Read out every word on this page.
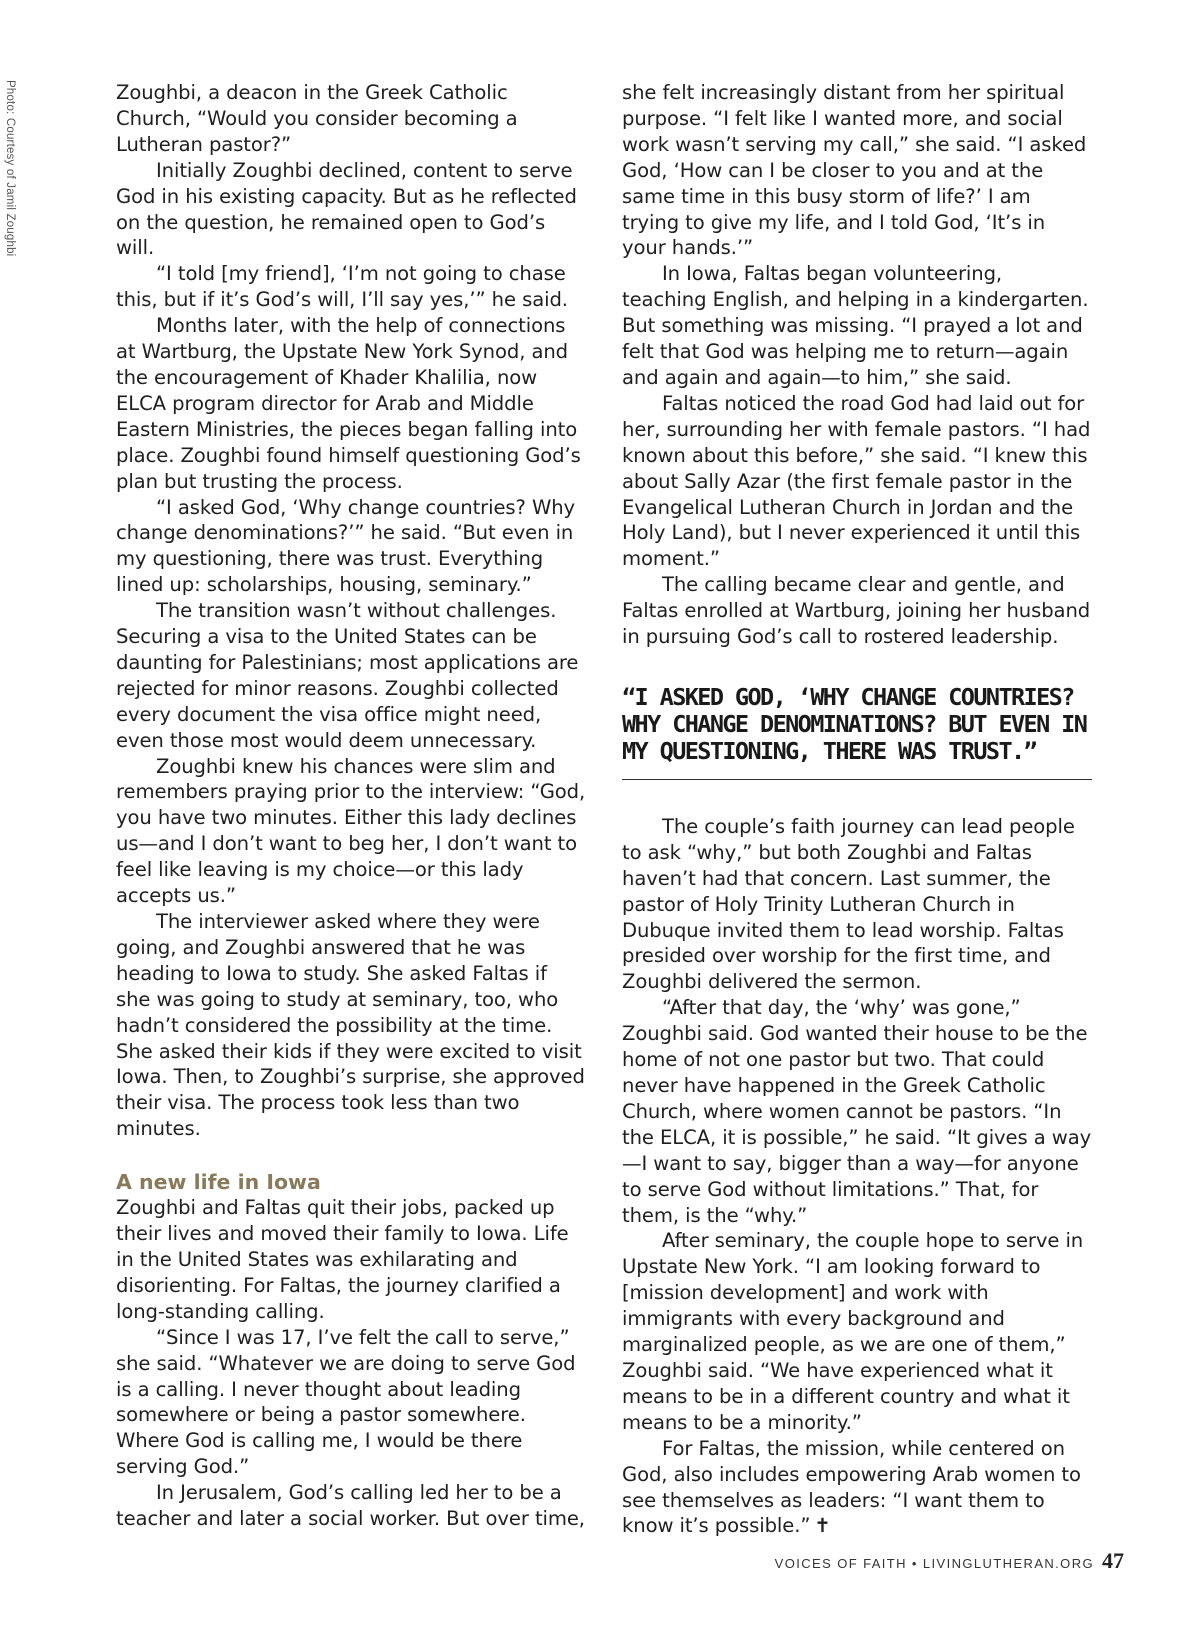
Photo: Courtesy of Jamil Zoughbi	Zoughbi, a deacon in the Greek Catholic Church, “Would you consider becoming a Lutheran pastor?”

Initially Zoughbi declined, content to serve God in his existing capacity. But as he reflected on the question, he remained open to God’s will.

“I told [my friend], ‘I’m not going to chase this, but if it’s God’s will, I’ll say yes,’” he said.

Months later, with the help of connections at Wartburg, the Upstate New York Synod, and the encouragement of Khader Khalilia, now ELCA program director for Arab and Middle Eastern Ministries, the pieces began falling into place. Zoughbi found himself questioning God’s plan but trusting the process.

“I asked God, ‘Why change countries? Why change denominations?’” he said. “But even in my questioning, there was trust. Everything lined up: scholarships, housing, seminary.”

The transition wasn’t without challenges. Securing a visa to the United States can be daunting for Palestinians; most applications are rejected for minor reasons. Zoughbi collected every document the visa office might need, even those most would deem unnecessary.

Zoughbi knew his chances were slim and remembers praying prior to the interview: “God, you have two minutes. Either this lady declines us—and I don’t want to beg her, I don’t want to feel like leaving is my choice—or this lady accepts us.”

The interviewer asked where they were going, and Zoughbi answered that he was heading to Iowa to study. She asked Faltas if she was going to study at seminary, too, who hadn’t considered the possibility at the time. She asked their kids if they were excited to visit Iowa. Then, to Zoughbi’s surprise, she approved their visa. The process took less than two minutes.

A new life in Iowa

Zoughbi and Faltas quit their jobs, packed up their lives and moved their family to Iowa. Life in the United States was exhilarating and disorienting. For Faltas, the journey clarified a long-standing calling.

“Since I was 17, I’ve felt the call to serve,” she said. “Whatever we are doing to serve God is a calling. I never thought about leading somewhere or being a pastor somewhere. Where God is calling me, I would be there serving God.”

In Jerusalem, God’s calling led her to be a teacher and later a social worker. But over time,

she felt increasingly distant from her spiritual purpose. “I felt like I wanted more, and social work wasn’t serving my call,” she said. “I asked God, ‘How can I be closer to you and at the same time in this busy storm of life?’ I am trying to give my life, and I told God, ‘It’s in your hands.’”

In Iowa, Faltas began volunteering, teaching English, and helping in a kindergarten. But something was missing. “I prayed a lot and felt that God was helping me to return—again and again and again—to him,” she said.

Faltas noticed the road God had laid out for her, surrounding her with female pastors. “I had known about this before,” she said. “I knew this about Sally Azar (the first female pastor in the Evangelical Lutheran Church in Jordan and the Holy Land), but I never experienced it until this moment.”

The calling became clear and gentle, and Faltas enrolled at Wartburg, joining her husband in pursuing God’s call to rostered leadership.

“I ASKED GOD, ‘WHY CHANGE COUNTRIES? WHY CHANGE DENOMINATIONS? BUT EVEN IN MY QUESTIONING, THERE WAS TRUST.”

The couple’s faith journey can lead people to ask “why,” but both Zoughbi and Faltas haven’t had that concern. Last summer, the pastor of Holy Trinity Lutheran Church in Dubuque invited them to lead worship. Faltas presided over worship for the first time, and Zoughbi delivered the sermon.

“After that day, the ‘why’ was gone,” Zoughbi said. God wanted their house to be the home of not one pastor but two. That could never have happened in the Greek Catholic Church, where women cannot be pastors. “In the ELCA, it is possible,” he said. “It gives a way—I want to say, bigger than a way—for anyone to serve God without limitations.” That, for them, is the “why.”

After seminary, the couple hope to serve in Upstate New York. “I am looking forward to [mission development] and work with immigrants with every background and marginalized people, as we are one of them,” Zoughbi said. “We have experienced what it means to be in a different country and what it means to be a minority.”

For Faltas, the mission, while centered on God, also includes empowering Arab women to see themselves as leaders: “I want them to know it’s possible.” ✝

VOICES OF FAITH • LIVINGLUTHERAN.ORG 47
